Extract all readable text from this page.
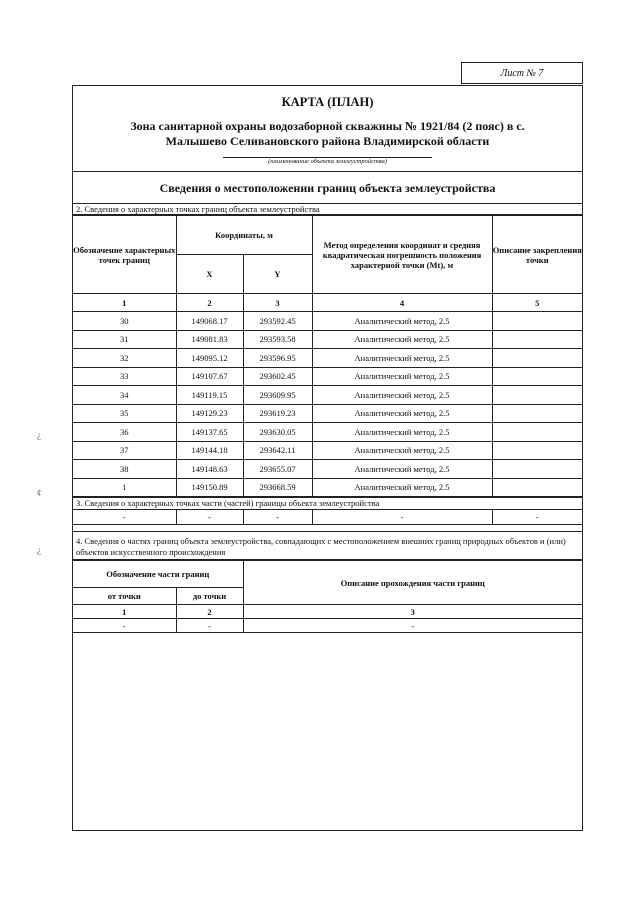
Лист № 7
¿
¢
¿
КАРТА (ПЛАН)
Зона санитарной охраны водозаборной скважины № 1921/84 (2 пояс) в с. Малышево Селивановского района Владимирской области
(наименование объекта землеустройства)
Сведения о местоположении границ объекта землеустройства
2. Сведения о характерных точках границ объекта землеустройства
Обозначение характерных точек границ	Координаты, м		Метод определения координат и средняя квадратическая погрешность положения характерной точки (Mt), м	Описание закрепления точки
	X	Y		
1	2	3	4	5
30	149068.17	293592.45	Аналитический метод, 2.5	
31	149081.83	293593.58	Аналитический метод, 2.5	
32	149095.12	293596.95	Аналитический метод, 2.5	
33	149107.67	293602.45	Аналитический метод, 2.5	
34	149119.15	293609.95	Аналитический метод, 2.5	
35	149129.23	293619.23	Аналитический метод, 2.5	
36	149137.65	293630.05	Аналитический метод, 2.5	
37	149144.18	293642.11	Аналитический метод, 2.5	
38	149148.63	293655.07	Аналитический метод, 2.5	
1	149150.89	293668.59	Аналитический метод, 2.5	
3. Сведения о характерных точках части (частей) границы объекта землеустройства
-	-	-	-	-
4. Сведения о частях границ объекта землеустройства, совпадающих с местоположением внешних границ природных объектов и (или) объектов искусственного происхождения
Обозначение части границ		Описание прохождения части границ
от точки	до точки	
1	2	3
-	-	-
